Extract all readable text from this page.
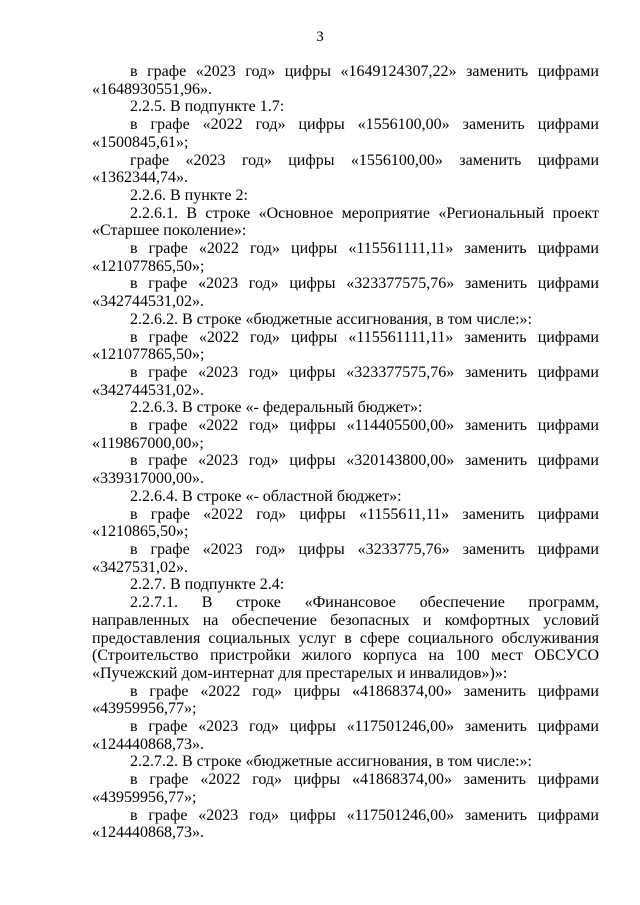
3

в графе «2023 год» цифры «1649124307,22» заменить цифрами «1648930551,96».

2.2.5. В подпункте 1.7:

в графе «2022 год» цифры «1556100,00» заменить цифрами «1500845,61»;

графе «2023 год» цифры «1556100,00» заменить цифрами «1362344,74».

2.2.6. В пункте 2:

2.2.6.1. В строке «Основное мероприятие «Региональный проект «Старшее поколение»:

в графе «2022 год» цифры «115561111,11» заменить цифрами «121077865,50»;

в графе «2023 год» цифры «323377575,76» заменить цифрами «342744531,02».

2.2.6.2. В строке «бюджетные ассигнования, в том числе:»:

в графе «2022 год» цифры «115561111,11» заменить цифрами «121077865,50»;

в графе «2023 год» цифры «323377575,76» заменить цифрами «342744531,02».

2.2.6.3. В строке «- федеральный бюджет»:

в графе «2022 год» цифры «114405500,00» заменить цифрами «119867000,00»;

в графе «2023 год» цифры «320143800,00» заменить цифрами «339317000,00».

2.2.6.4. В строке «- областной бюджет»:

в графе «2022 год» цифры «1155611,11» заменить цифрами «1210865,50»;

в графе «2023 год» цифры «3233775,76» заменить цифрами «3427531,02».

2.2.7. В подпункте 2.4:

2.2.7.1. В строке «Финансовое обеспечение программ, направленных на обеспечение безопасных и комфортных условий предоставления социальных услуг в сфере социального обслуживания (Строительство пристройки жилого корпуса на 100 мест ОБСУСО «Пучежский дом-интернат для престарелых и инвалидов»)»:

в графе «2022 год» цифры «41868374,00» заменить цифрами «43959956,77»;

в графе «2023 год» цифры «117501246,00» заменить цифрами «124440868,73».

2.2.7.2. В строке «бюджетные ассигнования, в том числе:»:

в графе «2022 год» цифры «41868374,00» заменить цифрами «43959956,77»;

в графе «2023 год» цифры «117501246,00» заменить цифрами «124440868,73».
